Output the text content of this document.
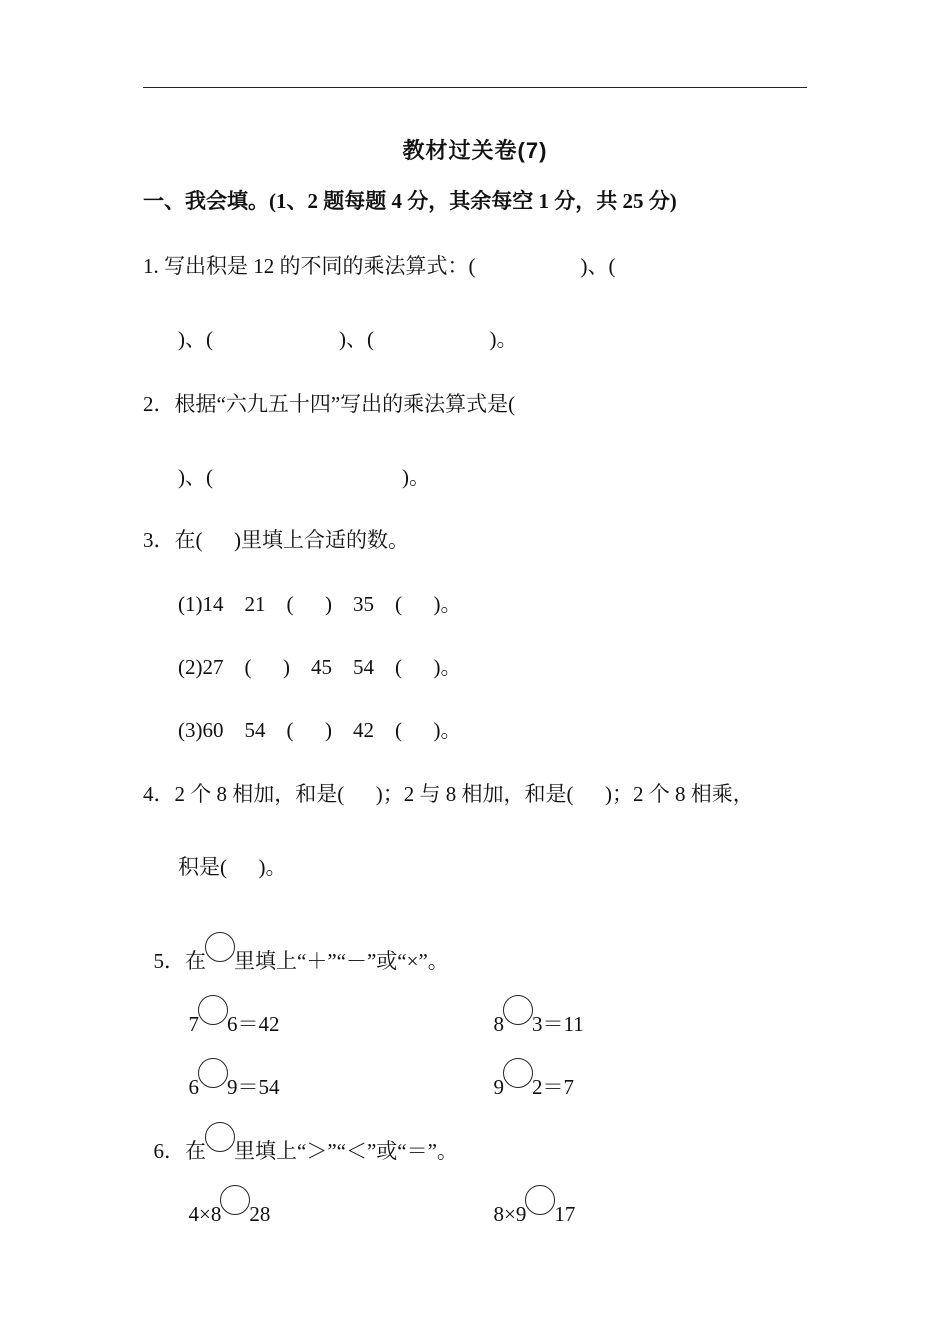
教材过关卷(7)
一、我会填。(1、2 题每题 4 分，其余每空 1 分，共 25 分)
1. 写出积是 12 的不同的乘法算式：(                    )、(
)、(                        )、(                      )。
2．根据“六九五十四”写出的乘法算式是(
)、(                                    )。
3．在(      )里填上合适的数。
(1)14    21    (      )    35    (      )。
(2)27    (      )    45    54    (      )。
(3)60    54    (      )    42    (      )。
4．2 个 8 相加，和是(      )；2 与 8 相加，和是(      )；2 个 8 相乘，
积是(      )。

5．在 里填上“＋”“－”或“×”。

7 6＝42	8 3＝11

6 9＝54	9 2＝7

6．在 里填上“＞”“＜”或“＝”。

4×8 28	8×9 17
